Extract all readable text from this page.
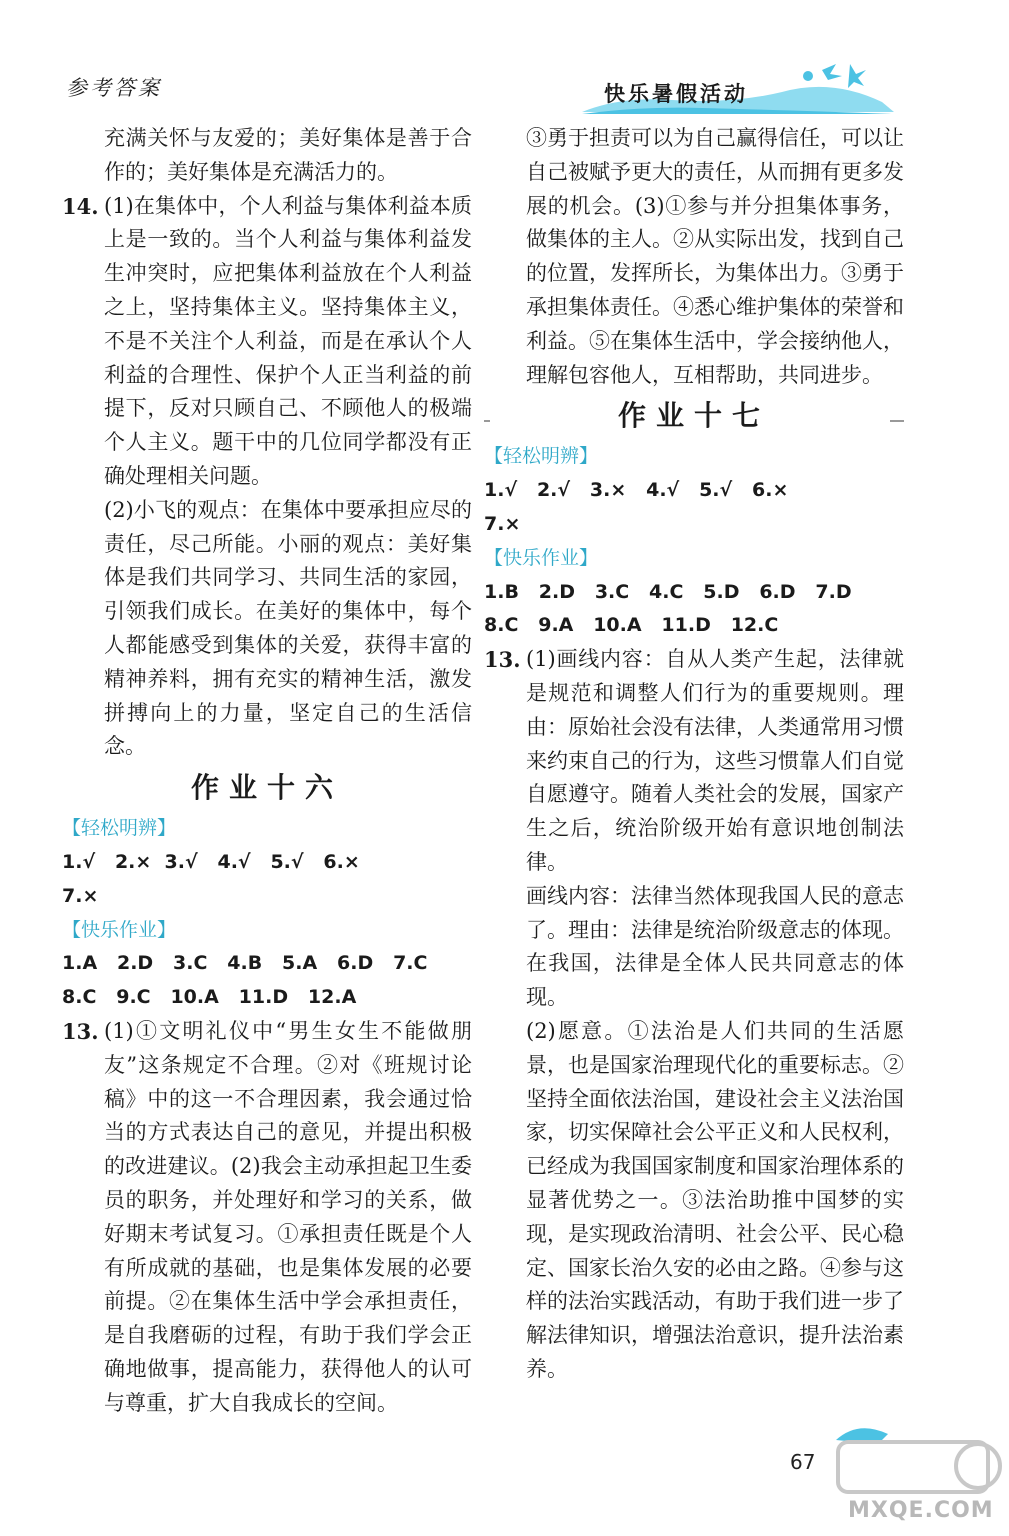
参考答案	快乐暑假活动

充满关怀与友爱的；美好集体是善于合作的；美好集体是充满活力的。

14. (1)在集体中，个人利益与集体利益本质上是一致的。当个人利益与集体利益发生冲突时，应把集体利益放在个人利益之上，坚持集体主义。坚持集体主义，不是不关注个人利益，而是在承认个人利益的合理性、保护个人正当利益的前提下，反对只顾自己、不顾他人的极端个人主义。题干中的几位同学都没有正确处理相关问题。

(2)小飞的观点：在集体中要承担应尽的责任，尽己所能。小丽的观点：美好集体是我们共同学习、共同生活的家园，引领我们成长。在美好的集体中，每个人都能感受到集体的关爱，获得丰富的精神养料，拥有充实的精神生活，激发拼搏向上的力量，坚定自己的生活信念。

作业十六

【轻松明辨】

1.√   2.×  3.√   4.√   5.√   6.×

7.×

【快乐作业】

1.A   2.D   3.C   4.B   5.A   6.D   7.C

8.C   9.C   10.A   11.D   12.A

13. (1)①文明礼仪中“男生女生不能做朋友”这条规定不合理。②对《班规讨论稿》中的这一不合理因素，我会通过恰当的方式表达自己的意见，并提出积极的改进建议。(2)我会主动承担起卫生委员的职务，并处理好和学习的关系，做好期末考试复习。①承担责任既是个人有所成就的基础，也是集体发展的必要前提。②在集体生活中学会承担责任，是自我磨砺的过程，有助于我们学会正确地做事，提高能力，获得他人的认可与尊重，扩大自我成长的空间。

③勇于担责可以为自己赢得信任，可以让自己被赋予更大的责任，从而拥有更多发展的机会。(3)①参与并分担集体事务，做集体的主人。②从实际出发，找到自己的位置，发挥所长，为集体出力。③勇于承担集体责任。④悉心维护集体的荣誉和利益。⑤在集体生活中，学会接纳他人，理解包容他人，互相帮助，共同进步。

作业十七

【轻松明辨】

1.√   2.√   3.×   4.√   5.√   6.×

7.×

【快乐作业】

1.B   2.D   3.C   4.C   5.D   6.D   7.D

8.C   9.A   10.A   11.D   12.C

13. (1)画线内容：自从人类产生起，法律就是规范和调整人们行为的重要规则。理由：原始社会没有法律，人类通常用习惯来约束自己的行为，这些习惯靠人们自觉自愿遵守。随着人类社会的发展，国家产生之后，统治阶级开始有意识地创制法律。

画线内容：法律当然体现我国人民的意志了。理由：法律是统治阶级意志的体现。在我国，法律是全体人民共同意志的体现。

(2)愿意。①法治是人们共同的生活愿景，也是国家治理现代化的重要标志。②坚持全面依法治国，建设社会主义法治国家，切实保障社会公平正义和人民权利，已经成为我国国家制度和国家治理体系的显著优势之一。③法治助推中国梦的实现，是实现政治清明、社会公平、民心稳定、国家长治久安的必由之路。④参与这样的法治实践活动，有助于我们进一步了解法律知识，增强法治意识，提升法治素养。

67
MXQE.COM
